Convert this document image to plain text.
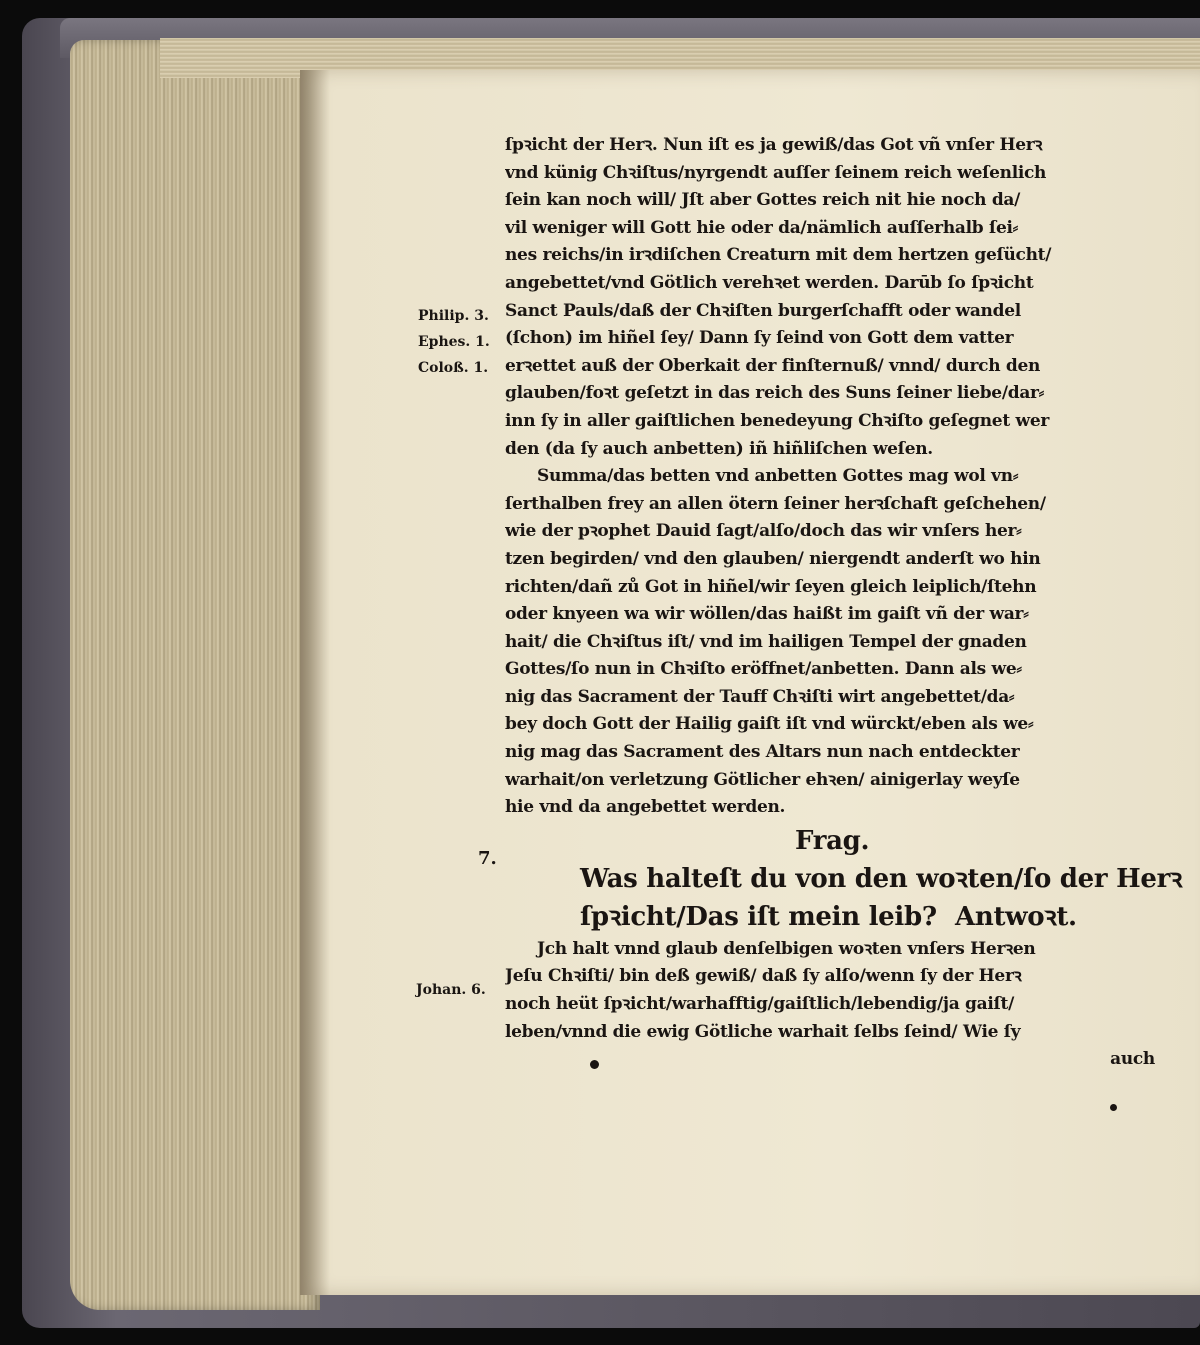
Philip. 3.
Ephes. 1.
Coloß. 1.
7.
Johan. 6.
ſpꝛicht der Herꝛ. Nun iſt es ja gewiß/das Got vñ vnſer Herꝛ
vnd künig Chꝛiſtus/nyrgendt auſſer ſeinem reich weſenlich
ſein kan noch will/ Jſt aber Gottes reich nit hie noch da/
vil weniger will Gott hie oder da/nämlich auſſerhalb ſei⸗
nes reichs/in irꝛdiſchen Creaturn mit dem hertzen geſücht/
angebettet/vnd Götlich verehꝛet werden. Darūb ſo ſpꝛicht
Sanct Pauls/daß der Chꝛiſten burgerſchafft oder wandel
(ſchon) im hiñel ſey/ Dann ſy ſeind von Gott dem vatter
erꝛettet auß der Oberkait der finſternuß/ vnnd/ durch den
glauben/foꝛt geſetzt in das reich des Suns ſeiner liebe/dar⸗
inn ſy in aller gaiſtlichen benedeyung Chꝛiſto geſegnet wer
den (da ſy auch anbetten) iñ hiñliſchen weſen.
Summa/das betten vnd anbetten Gottes mag wol vn⸗
ſerthalben frey an allen ötern ſeiner herꝛſchaft geſchehen/
wie der pꝛophet Dauid ſagt/alſo/doch das wir vnſers her⸗
tzen begirden/ vnd den glauben/ niergendt anderſt wo hin
richten/dañ zů Got in hiñel/wir ſeyen gleich leiplich/ſtehn
oder knyeen wa wir wöllen/das haißt im gaiſt vñ der war⸗
hait/ die Chꝛiſtus iſt/ vnd im hailigen Tempel der gnaden
Gottes/ſo nun in Chꝛiſto eröffnet/anbetten. Dann als we⸗
nig das Sacrament der Tauff Chꝛiſti wirt angebettet/da⸗
bey doch Gott der Hailig gaiſt iſt vnd würckt/eben als we⸗
nig mag das Sacrament des Altars nun nach entdeckter
warhait/on verletzung Götlicher ehꝛen/ ainigerlay weyſe
hie vnd da angebettet werden.
Frag.
Was halteſt du von den woꝛten/ſo der Herꝛ
ſpꝛicht/Das iſt mein leib? Antwoꝛt.
Jch halt vnnd glaub denſelbigen woꝛten vnſers Herꝛen
Jeſu Chꝛiſti/ bin deß gewiß/ daß ſy alſo/wenn ſy der Herꝛ
noch heüt ſpꝛicht/warhafftig/gaiſtlich/lebendig/ja gaiſt/
leben/vnnd die ewig Götliche warhait ſelbs ſeind/ Wie ſy
auch
